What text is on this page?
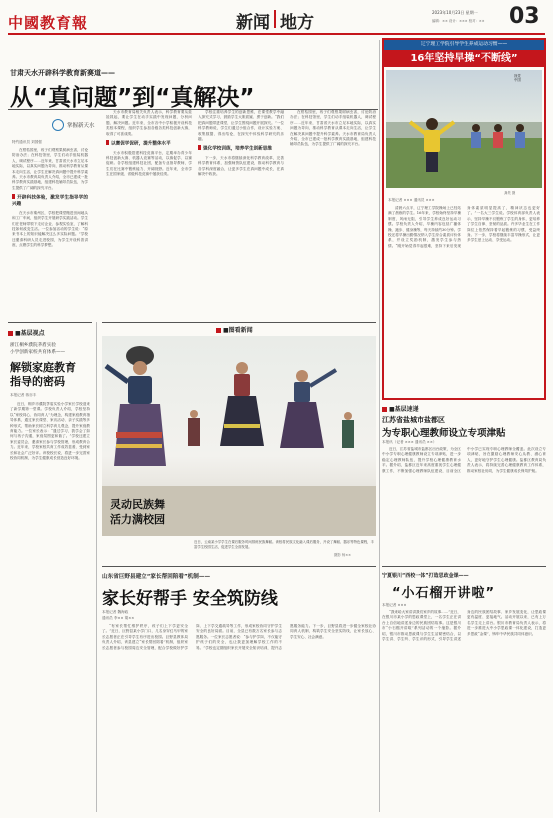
中國教育報	新闻 地方
2023年10月23日 星期一
编辑：×× 设计：××× 校对：×× 03
甘肃天水开辟科学教育新赛道——
从“真问题”到“真解决”
掌握新天水
特约通讯员 刘国强

在柑桔园里，孩子们观察果树病虫害，讨论防治办法；在科技馆里，学生们动手组装机器人，调试程序……近年来，甘肃省天水市立足本地实际，以真实问题为导向，推动科学教育从课本走向生活，让学生在解决真问题中提升科学素养。天水市教育局负责人介绍，全市已建成一批科学教育实践基地，组建科技辅导员队伍，为学生提供了广阔的探究平台。

开辟科技体验，激发学生指导学的兴趣

在天水市秦州区，学校把课堂搬进田间地头和工厂车间，组织学生开展研学实践活动。学生们在老师带领下走访企业、参观实验室，了解科技如何改变生活。一位参加活动的学生说：“原来书本上的知识能解决这么多实际问题。”学校还邀请科研人员走进校园，为学生开设科普讲座，点燃学生的科学梦想。

天水市教育局相关负责人表示，科学教育要从娃娃抓起，要让学生在动手实践中发现问题、分析问题、解决问题。近年来，全市各中小学积极开设科技类校本课程，组织学生参加各级各类科技创新大赛，取得了可喜成绩。

以赛促学促研，提升整体水平

天水市积极搭建科技竞赛平台，定期举办青少年科技创新大赛、机器人竞赛等活动，以赛促学、以赛促研。各学校组建科技社团，配备专业指导教师，学生们在比赛中锻炼能力、开阔视野。近年来，全市学生在国家级、省级科技竞赛中屡获佳绩。

学校注重培养学生的创新思维，在课堂教学中融入探究式学习，鼓励学生大胆质疑、勇于创新。“我们把真问题带进课堂，让学生围绕问题开展探究。”一位科学教师说，学生们通过小组合作，设计实验方案、收集数据、得出结论，在探究中体验科学研究的乐趣。

强化学校训练，培养学生创新思维

下一步，天水市将继续深化科学教育改革，完善科学教育体系，加强师资队伍建设，推动科学教育与各学科深度融合，让更多学生在真问题中成长，在真解决中收获。

在柑桔园里，孩子们观察果树病虫害，讨论防治办法；在科技馆里，学生们动手组装机器人，调试程序……近年来，甘肃省天水市立足本地实际，以真实问题为导向，推动科学教育从课本走向生活，让学生在解决真问题中提升科学素养。天水市教育局负责人介绍，全市已建成一批科学教育实践基地，组建科技辅导员队伍，为学生提供了广阔的探究平台。

■基层视点
浙江桐乡濮院茅盾实验
小学创新家校共育体系——
解锁家庭教育
指导的密码
本报记者 蒋亦丰
近日，桐乡市濮院茅盾实验小学家长学校迎来了新学期第一堂课。学校负责人介绍，学校坚持以“家校同心、协同育人”为理念，构建家庭教育指导体系，通过家长课堂、家访活动、亲子实践等多种形式，帮助家长树立科学育儿观念，提升家庭教育能力。一位家长表示：“通过学习，我学会了如何与孩子沟通，家庭氛围更和谐了。”学校还建立家长委员会，邀请家长参与学校管理，形成教育合力。近年来，学校家校共育工作成效显著，受到家长和社会广泛好评。该校校长说，将进一步完善家校协同机制，为学生健康成长营造良好环境。
■图看新闻
灵动民族舞
活力满校园
近日，云南某小学学生在课后服务时间排练民族舞蹈。该校将民族文化融入课后服务，开设了舞蹈、器乐等特色课程，丰富学生校园生活，促进学生全面发展。
摄影 杨××
山东省巨野县建立“家长帮回陪看”机制——
家长好帮手 安全筑防线
本报记者 魏海政
通讯员 李×× 胡××
“有家长帮忙维护秩序，孩子们上下学更安全了。”近日，巨野县某小学门口，几名身穿红马甲的家长志愿者正在引导学生有序进出校园。巨野县教体局负责人介绍，该县建立“家长帮回陪看”机制，组织家长志愿者参与校园周边安全管理，配合学校做好护学岗、上下学交通疏导等工作，形成家校协同守护学生安全的良好局面。目前，全县已有数万名家长参与志愿服务。一位家长志愿者说：“参与护学岗，不仅能守护孩子们的安全，也让我更加理解学校工作的不易。”学校也定期组织家长开展安全知识培训，提升志愿服务能力。下一步，巨野县将进一步健全家校社协同育人机制，构筑学生安全坚实防线，让家长放心、学生安心、社会满意。
辽宁理工学院引导学生养成运动习惯——
16年坚持早操“不断线”
视觉中国
龚昊 摄
本报记者 ××× 通讯员 ×××
清晨六点半，辽宁理工学院操场上已经站满了晨练的学生。16年来，学校始终坚持早操制度，风雨无阻，引导学生养成良好运动习惯。学校负责人介绍，早操内容包括广播体操、跑步、健身操等，每天持续约30分钟。学校还将早操出勤情况纳入学生综合素质评价体系，并设立奖励机制，激发学生参与热情。“刚开始觉得早起很难，坚持下来后发现身体素质明显提高了，精神状态也更好了。”一名大三学生说。学校体育部负责人表示，坚持早操不仅锻炼了学生的身体，更培养了学生自律、坚韧的品质。许多毕业生在工作岗位上依然保持着早起锻炼的习惯，受益终身。下一步，学校将继续丰富早操形式，让更多学生爱上运动、享受运动。
■基层速递
江苏省盐城市盐都区
为专职心理教师设立专项津贴
本报讯（记者 ××× 通讯员 ××）
近日，江苏省盐城市盐都区出台政策，为全区中小学专职心理健康教师设立专项津贴，进一步稳定心理教师队伍，提升学校心理健康教育水平。据介绍，盐都区近年来高度重视学生心理健康工作，不断加强心理教师队伍建设，目前全区中小学已实现专职心理教师全覆盖。此次设立专项津贴，旨在激励心理教师安心从教、潜心育人，更好地守护学生心理健康。盐都区教育局负责人表示，将持续完善心理健康教育工作体系，推动家校社协同，为学生健康成长保驾护航。
宁夏银川“西校一体”打造思政金课——
“小石榴开讲啦”
本报记者 ×××
“我来给大家讲讲我们家乡的故事……”近日，在银川市某小学的思政课堂上，一名学生正在讲台上自信地讲述身边的民族团结故事。这是银川市“小石榴开讲啦”系列活动的一个缩影。据介绍，银川市推动思政课与学生生活紧密结合，以学生讲、学生听、学生评的形式，引导学生讲述身边的民族团结故事、家乡发展变化，让思政课更有温度、更接地气。活动开展以来，已有上万名学生走上讲台。银川市教育局负责人表示，将进一步推进大中小学思政课一体化建设，打造更多思政“金课”，铸牢中华民族共同体意识。
